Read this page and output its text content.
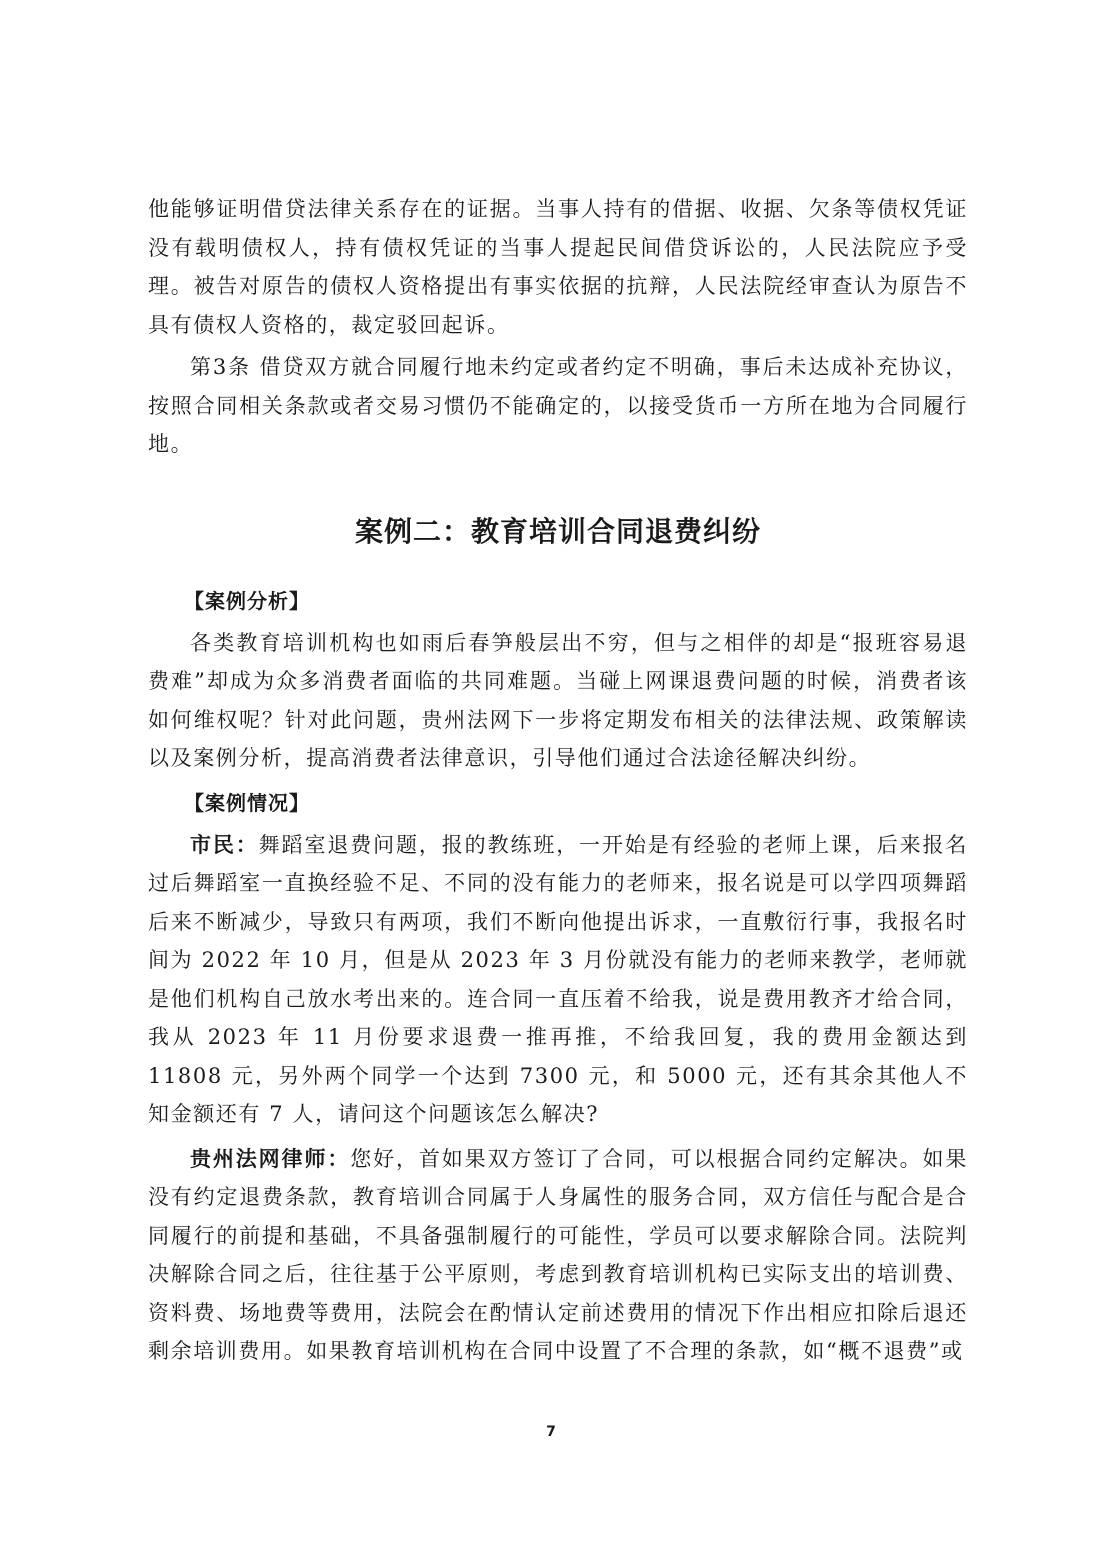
他能够证明借贷法律关系存在的证据。当事人持有的借据、收据、欠条等债权凭证没有载明债权人，持有债权凭证的当事人提起民间借贷诉讼的，人民法院应予受理。被告对原告的债权人资格提出有事实依据的抗辩，人民法院经审查认为原告不具有债权人资格的，裁定驳回起诉。

第3条 借贷双方就合同履行地未约定或者约定不明确，事后未达成补充协议，按照合同相关条款或者交易习惯仍不能确定的，以接受货币一方所在地为合同履行地。

案例二：教育培训合同退费纠纷
【案例分析】

各类教育培训机构也如雨后春笋般层出不穷，但与之相伴的却是“报班容易退费难”却成为众多消费者面临的共同难题。当碰上网课退费问题的时候，消费者该如何维权呢？针对此问题，贵州法网下一步将定期发布相关的法律法规、政策解读以及案例分析，提高消费者法律意识，引导他们通过合法途径解决纠纷。

【案例情况】

市民：舞蹈室退费问题，报的教练班，一开始是有经验的老师上课，后来报名过后舞蹈室一直换经验不足、不同的没有能力的老师来，报名说是可以学四项舞蹈后来不断减少，导致只有两项，我们不断向他提出诉求，一直敷衍行事，我报名时间为 2022 年 10 月，但是从 2023 年 3 月份就没有能力的老师来教学，老师就是他们机构自己放水考出来的。连合同一直压着不给我，说是费用教齐才给合同，我从 2023 年 11 月份要求退费一推再推，不给我回复，我的费用金额达到 11808 元，另外两个同学一个达到 7300 元，和 5000 元，还有其余其他人不知金额还有 7 人，请问这个问题该怎么解决?

贵州法网律师：您好，首如果双方签订了合同，可以根据合同约定解决。如果没有约定退费条款，教育培训合同属于人身属性的服务合同，双方信任与配合是合同履行的前提和基础，不具备强制履行的可能性，学员可以要求解除合同。法院判决解除合同之后，往往基于公平原则，考虑到教育培训机构已实际支出的培训费、资料费、场地费等费用，法院会在酌情认定前述费用的情况下作出相应扣除后退还剩余培训费用。如果教育培训机构在合同中设置了不合理的条款，如“概不退费”或

7
